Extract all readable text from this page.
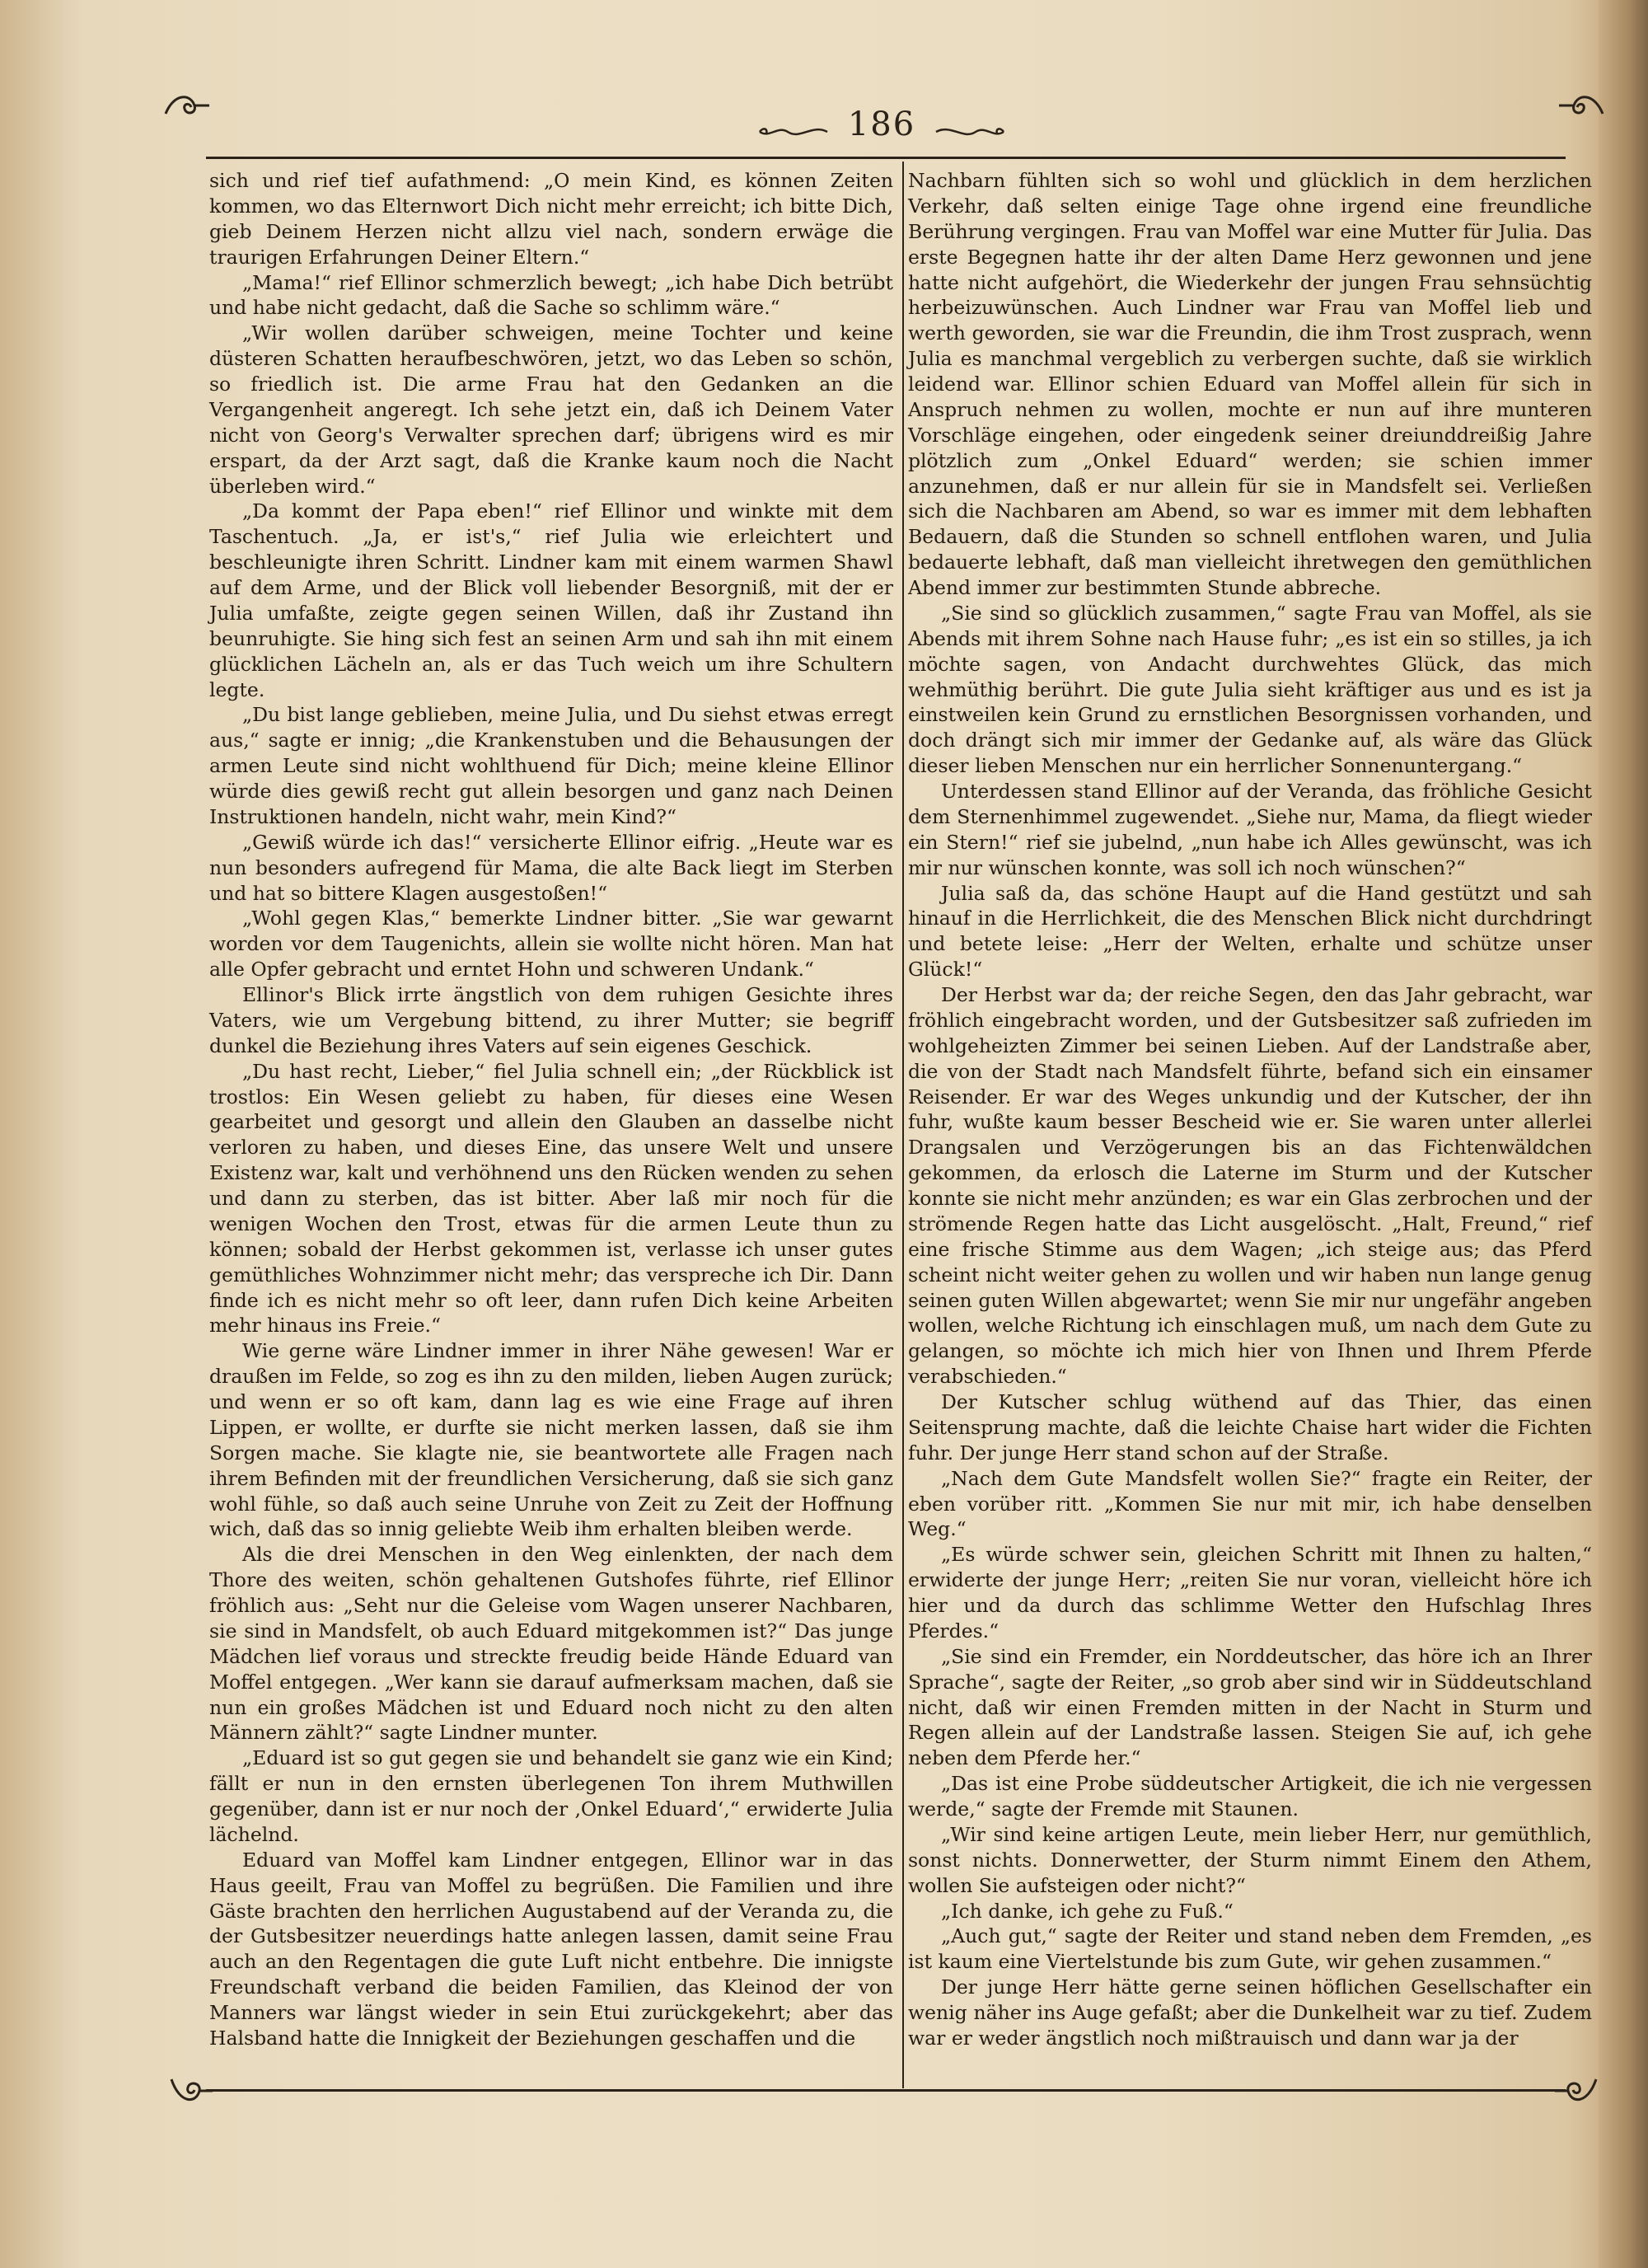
186

sich und rief tief aufathmend: „O mein Kind, es können Zeiten kommen, wo das Elternwort Dich nicht mehr erreicht; ich bitte Dich, gieb Deinem Herzen nicht allzu viel nach, sondern erwäge die traurigen Erfahrungen Deiner Eltern.“

„Mama!“ rief Ellinor schmerzlich bewegt; „ich habe Dich betrübt und habe nicht gedacht, daß die Sache so schlimm wäre.“

„Wir wollen darüber schweigen, meine Tochter und keine düsteren Schatten heraufbeschwören, jetzt, wo das Leben so schön, so friedlich ist. Die arme Frau hat den Gedanken an die Vergangenheit angeregt. Ich sehe jetzt ein, daß ich Deinem Vater nicht von Georg's Verwalter sprechen darf; übrigens wird es mir erspart, da der Arzt sagt, daß die Kranke kaum noch die Nacht überleben wird.“

„Da kommt der Papa eben!“ rief Ellinor und winkte mit dem Taschentuch. „Ja, er ist's,“ rief Julia wie erleichtert und beschleunigte ihren Schritt. Lindner kam mit einem warmen Shawl auf dem Arme, und der Blick voll liebender Besorgniß, mit der er Julia umfaßte, zeigte gegen seinen Willen, daß ihr Zustand ihn beunruhigte. Sie hing sich fest an seinen Arm und sah ihn mit einem glücklichen Lächeln an, als er das Tuch weich um ihre Schultern legte.

„Du bist lange geblieben, meine Julia, und Du siehst etwas erregt aus,“ sagte er innig; „die Krankenstuben und die Behausungen der armen Leute sind nicht wohlthuend für Dich; meine kleine Ellinor würde dies gewiß recht gut allein besorgen und ganz nach Deinen Instruktionen handeln, nicht wahr, mein Kind?“

„Gewiß würde ich das!“ versicherte Ellinor eifrig. „Heute war es nun besonders aufregend für Mama, die alte Back liegt im Sterben und hat so bittere Klagen ausgestoßen!“

„Wohl gegen Klas,“ bemerkte Lindner bitter. „Sie war gewarnt worden vor dem Taugenichts, allein sie wollte nicht hören. Man hat alle Opfer gebracht und erntet Hohn und schweren Undank.“

Ellinor's Blick irrte ängstlich von dem ruhigen Gesichte ihres Vaters, wie um Vergebung bittend, zu ihrer Mutter; sie begriff dunkel die Beziehung ihres Vaters auf sein eigenes Geschick.

„Du hast recht, Lieber,“ fiel Julia schnell ein; „der Rückblick ist trostlos: Ein Wesen geliebt zu haben, für dieses eine Wesen gearbeitet und gesorgt und allein den Glauben an dasselbe nicht verloren zu haben, und dieses Eine, das unsere Welt und unsere Existenz war, kalt und verhöhnend uns den Rücken wenden zu sehen und dann zu sterben, das ist bitter. Aber laß mir noch für die wenigen Wochen den Trost, etwas für die armen Leute thun zu können; sobald der Herbst gekommen ist, verlasse ich unser gutes gemüthliches Wohnzimmer nicht mehr; das verspreche ich Dir. Dann finde ich es nicht mehr so oft leer, dann rufen Dich keine Arbeiten mehr hinaus ins Freie.“

Wie gerne wäre Lindner immer in ihrer Nähe gewesen! War er draußen im Felde, so zog es ihn zu den milden, lieben Augen zurück; und wenn er so oft kam, dann lag es wie eine Frage auf ihren Lippen, er wollte, er durfte sie nicht merken lassen, daß sie ihm Sorgen mache. Sie klagte nie, sie beantwortete alle Fragen nach ihrem Befinden mit der freundlichen Versicherung, daß sie sich ganz wohl fühle, so daß auch seine Unruhe von Zeit zu Zeit der Hoffnung wich, daß das so innig geliebte Weib ihm erhalten bleiben werde.

Als die drei Menschen in den Weg einlenkten, der nach dem Thore des weiten, schön gehaltenen Gutshofes führte, rief Ellinor fröhlich aus: „Seht nur die Geleise vom Wagen unserer Nachbaren, sie sind in Mandsfelt, ob auch Eduard mitgekommen ist?“ Das junge Mädchen lief voraus und streckte freudig beide Hände Eduard van Moffel entgegen. „Wer kann sie darauf aufmerksam machen, daß sie nun ein großes Mädchen ist und Eduard noch nicht zu den alten Männern zählt?“ sagte Lindner munter.

„Eduard ist so gut gegen sie und behandelt sie ganz wie ein Kind; fällt er nun in den ernsten überlegenen Ton ihrem Muthwillen gegenüber, dann ist er nur noch der ‚Onkel Eduard‘,“ erwiderte Julia lächelnd.

Eduard van Moffel kam Lindner entgegen, Ellinor war in das Haus geeilt, Frau van Moffel zu begrüßen. Die Familien und ihre Gäste brachten den herrlichen Augustabend auf der Veranda zu, die der Gutsbesitzer neuerdings hatte anlegen lassen, damit seine Frau auch an den Regentagen die gute Luft nicht entbehre. Die innigste Freundschaft verband die beiden Familien, das Kleinod der von Manners war längst wieder in sein Etui zurückgekehrt; aber das Halsband hatte die Innigkeit der Beziehungen geschaffen und die

Nachbarn fühlten sich so wohl und glücklich in dem herzlichen Verkehr, daß selten einige Tage ohne irgend eine freundliche Berührung vergingen. Frau van Moffel war eine Mutter für Julia. Das erste Begegnen hatte ihr der alten Dame Herz gewonnen und jene hatte nicht aufgehört, die Wiederkehr der jungen Frau sehnsüchtig herbeizuwünschen. Auch Lindner war Frau van Moffel lieb und werth geworden, sie war die Freundin, die ihm Trost zusprach, wenn Julia es manchmal vergeblich zu verbergen suchte, daß sie wirklich leidend war. Ellinor schien Eduard van Moffel allein für sich in Anspruch nehmen zu wollen, mochte er nun auf ihre munteren Vorschläge eingehen, oder eingedenk seiner dreiunddreißig Jahre plötzlich zum „Onkel Eduard“ werden; sie schien immer anzunehmen, daß er nur allein für sie in Mandsfelt sei. Verließen sich die Nachbaren am Abend, so war es immer mit dem lebhaften Bedauern, daß die Stunden so schnell entflohen waren, und Julia bedauerte lebhaft, daß man vielleicht ihretwegen den gemüthlichen Abend immer zur bestimmten Stunde abbreche.

„Sie sind so glücklich zusammen,“ sagte Frau van Moffel, als sie Abends mit ihrem Sohne nach Hause fuhr; „es ist ein so stilles, ja ich möchte sagen, von Andacht durchwehtes Glück, das mich wehmüthig berührt. Die gute Julia sieht kräftiger aus und es ist ja einstweilen kein Grund zu ernstlichen Besorgnissen vorhanden, und doch drängt sich mir immer der Gedanke auf, als wäre das Glück dieser lieben Menschen nur ein herrlicher Sonnenuntergang.“

Unterdessen stand Ellinor auf der Veranda, das fröhliche Gesicht dem Sternenhimmel zugewendet. „Siehe nur, Mama, da fliegt wieder ein Stern!“ rief sie jubelnd, „nun habe ich Alles gewünscht, was ich mir nur wünschen konnte, was soll ich noch wünschen?“

Julia saß da, das schöne Haupt auf die Hand gestützt und sah hinauf in die Herrlichkeit, die des Menschen Blick nicht durchdringt und betete leise: „Herr der Welten, erhalte und schütze unser Glück!“

Der Herbst war da; der reiche Segen, den das Jahr gebracht, war fröhlich eingebracht worden, und der Gutsbesitzer saß zufrieden im wohlgeheizten Zimmer bei seinen Lieben. Auf der Landstraße aber, die von der Stadt nach Mandsfelt führte, befand sich ein einsamer Reisender. Er war des Weges unkundig und der Kutscher, der ihn fuhr, wußte kaum besser Bescheid wie er. Sie waren unter allerlei Drangsalen und Verzögerungen bis an das Fichtenwäldchen gekommen, da erlosch die Laterne im Sturm und der Kutscher konnte sie nicht mehr anzünden; es war ein Glas zerbrochen und der strömende Regen hatte das Licht ausgelöscht. „Halt, Freund,“ rief eine frische Stimme aus dem Wagen; „ich steige aus; das Pferd scheint nicht weiter gehen zu wollen und wir haben nun lange genug seinen guten Willen abgewartet; wenn Sie mir nur ungefähr angeben wollen, welche Richtung ich einschlagen muß, um nach dem Gute zu gelangen, so möchte ich mich hier von Ihnen und Ihrem Pferde verabschieden.“

Der Kutscher schlug wüthend auf das Thier, das einen Seitensprung machte, daß die leichte Chaise hart wider die Fichten fuhr. Der junge Herr stand schon auf der Straße.

„Nach dem Gute Mandsfelt wollen Sie?“ fragte ein Reiter, der eben vorüber ritt. „Kommen Sie nur mit mir, ich habe denselben Weg.“

„Es würde schwer sein, gleichen Schritt mit Ihnen zu halten,“ erwiderte der junge Herr; „reiten Sie nur voran, vielleicht höre ich hier und da durch das schlimme Wetter den Hufschlag Ihres Pferdes.“

„Sie sind ein Fremder, ein Norddeutscher, das höre ich an Ihrer Sprache“, sagte der Reiter, „so grob aber sind wir in Süddeutschland nicht, daß wir einen Fremden mitten in der Nacht in Sturm und Regen allein auf der Landstraße lassen. Steigen Sie auf, ich gehe neben dem Pferde her.“

„Das ist eine Probe süddeutscher Artigkeit, die ich nie vergessen werde,“ sagte der Fremde mit Staunen.

„Wir sind keine artigen Leute, mein lieber Herr, nur gemüthlich, sonst nichts. Donnerwetter, der Sturm nimmt Einem den Athem, wollen Sie aufsteigen oder nicht?“

„Ich danke, ich gehe zu Fuß.“

„Auch gut,“ sagte der Reiter und stand neben dem Fremden, „es ist kaum eine Viertelstunde bis zum Gute, wir gehen zusammen.“

Der junge Herr hätte gerne seinen höflichen Gesellschafter ein wenig näher ins Auge gefaßt; aber die Dunkelheit war zu tief. Zudem war er weder ängstlich noch mißtrauisch und dann war ja der
